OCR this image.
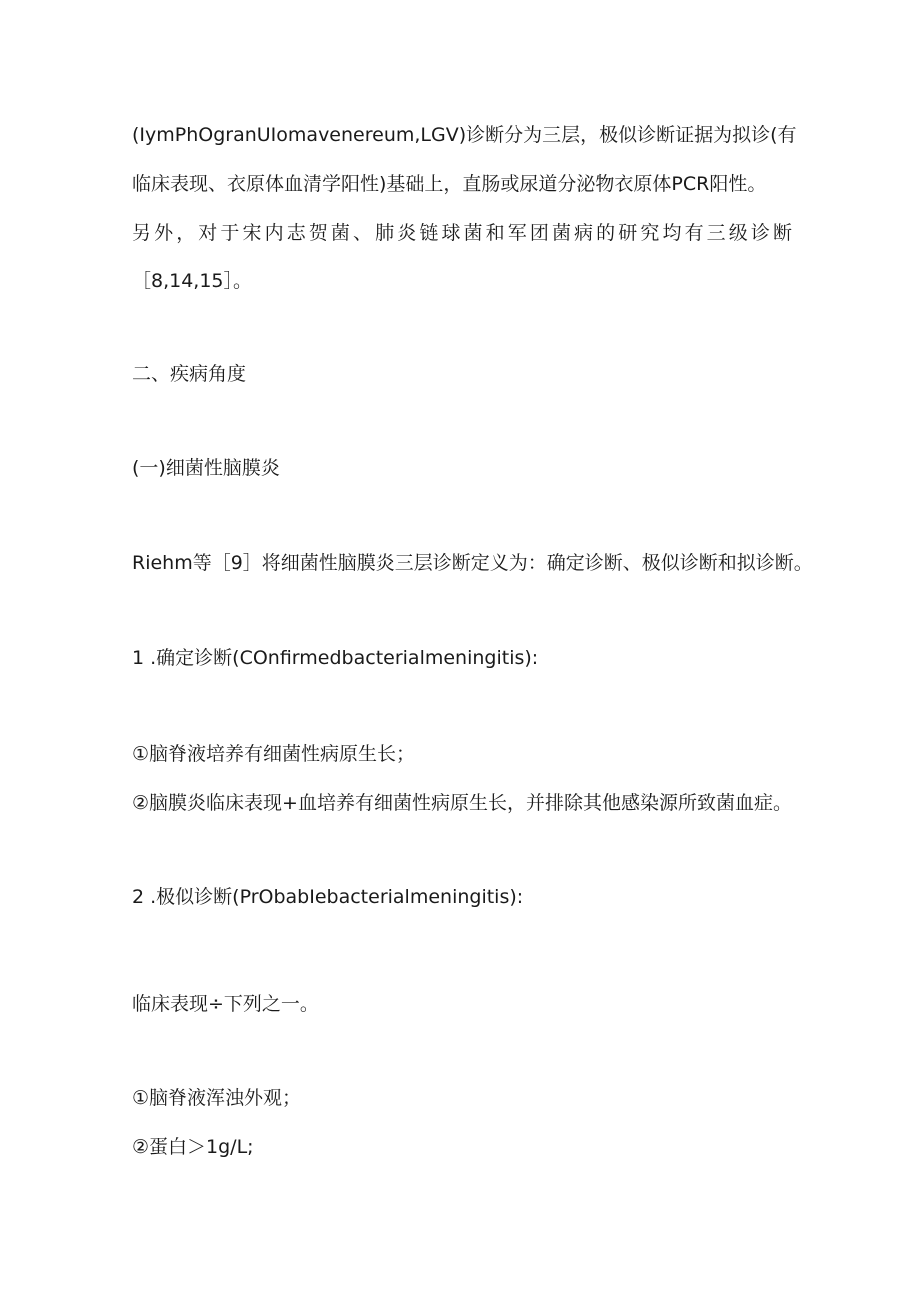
(IymPhOgranUIomavenereum,LGV)诊断分为三层，极似诊断证据为拟诊(有
临床表现、衣原体血清学阳性)基础上，直肠或尿道分泌物衣原体PCR阳性。
另外，对于宋内志贺菌、肺炎链球菌和军团菌病的研究均有三级诊断
［8,14,15］。
二、疾病角度
(一)细菌性脑膜炎
Riehm等［9］将细菌性脑膜炎三层诊断定义为：确定诊断、极似诊断和拟诊断。
1 .确定诊断(COnfirmedbacterialmeningitis):
①脑脊液培养有细菌性病原生长；
②脑膜炎临床表现+血培养有细菌性病原生长，并排除其他感染源所致菌血症。
2 .极似诊断(PrObabIebacterialmeningitis):
临床表现÷下列之一。
①脑脊液浑浊外观；
②蛋白＞1g/L;
